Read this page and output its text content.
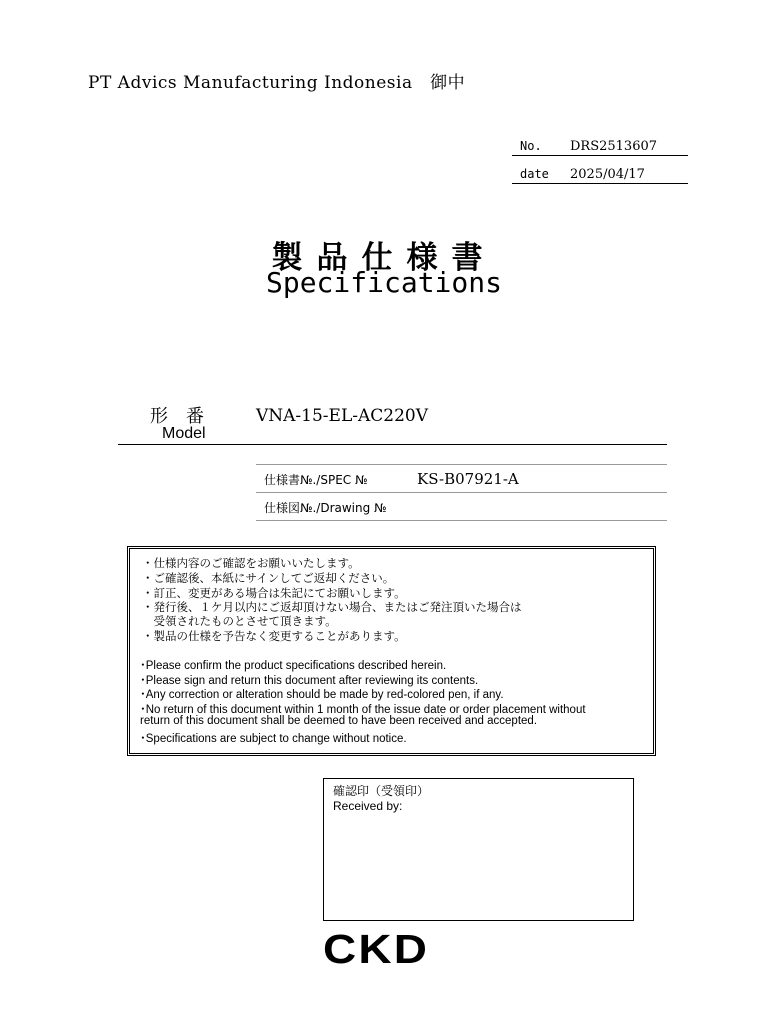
PT Advics Manufacturing Indonesia　御中
No. DRS2513607
date 2025/04/17
製品仕様書
Specifications
形番
Model
VNA-15-EL-AC220V
仕様書№./SPEC №	KS-B07921-A
仕様図№./Drawing №
・仕様内容のご確認をお願いいたします。
・ご確認後、本紙にサインしてご返却ください。
・訂正、変更がある場合は朱記にてお願いします。
・発行後、１ケ月以内にご返却頂けない場合、またはご発注頂いた場合は
　受領されたものとさせて頂きます。
・製品の仕様を予告なく変更することがあります。
･Please confirm the product specifications described herein.
･Please sign and return this document after reviewing its contents.
･Any correction or alteration should be made by red-colored pen, if any.
･No return of this document within 1 month of the issue date or order placement without
return of this document shall be deemed to have been received and accepted.
･Specifications are subject to change without notice.
確認印（受領印）
Received by:
CKD
